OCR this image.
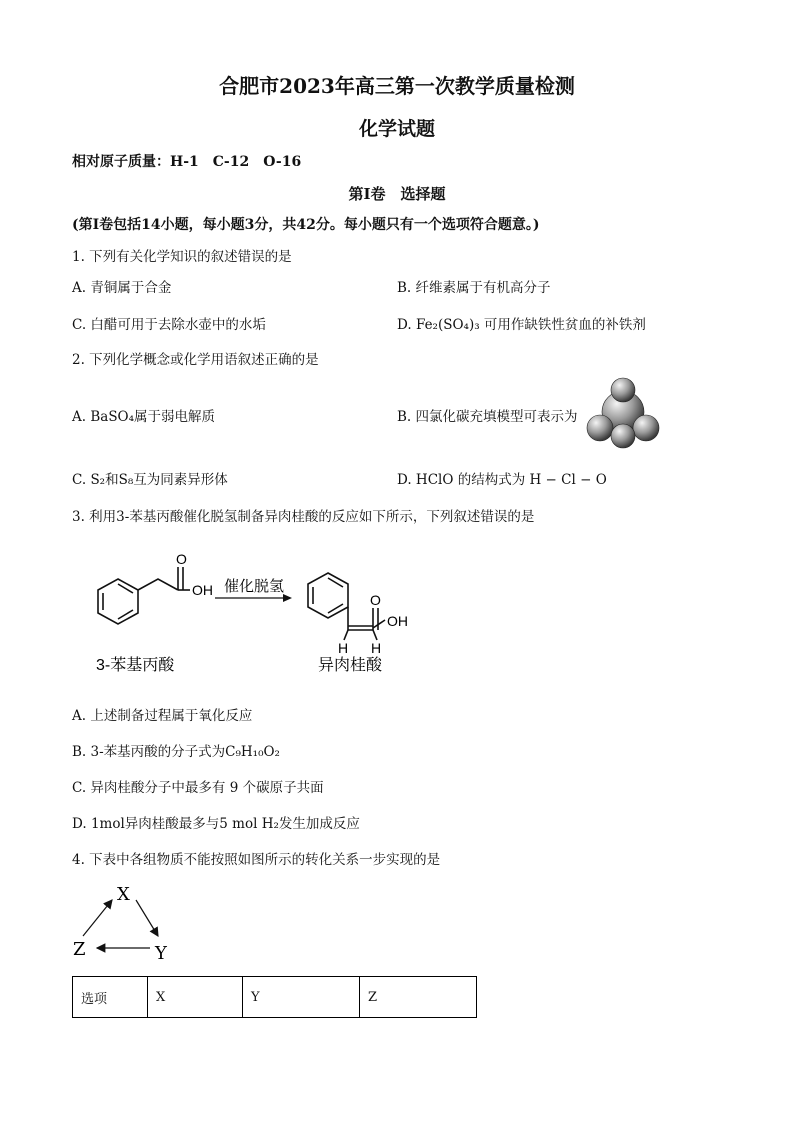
合肥市2023年高三第一次教学质量检测
化学试题
相对原子质量：H-1　C-12　O-16
第Ⅰ卷　选择题
(第Ⅰ卷包括14小题，每小题3分，共42分。每小题只有一个选项符合题意。)
1. 下列有关化学知识的叙述错误的是
A. 青铜属于合金	B. 纤维素属于有机高分子
C. 白醋可用于去除水壶中的水垢	D. Fe₂(SO₄)₃ 可用作缺铁性贫血的补铁剂
2. 下列化学概念或化学用语叙述正确的是
A. BaSO₄属于弱电解质	B. 四氯化碳充填模型可表示为
C. S₂和S₈互为同素异形体	D. HClO 的结构式为 H − Cl − O
3. 利用3-苯基丙酸催化脱氢制备异肉桂酸的反应如下所示，下列叙述错误的是
O
OH
3-苯基丙酸
催化脱氢
O
OH
H H
异肉桂酸
A. 上述制备过程属于氧化反应
B. 3-苯基丙酸的分子式为C₉H₁₀O₂
C. 异肉桂酸分子中最多有 9 个碳原子共面
D. 1mol异肉桂酸最多与5 mol H₂发生加成反应
4. 下表中各组物质不能按照如图所示的转化关系一步实现的是
X
Y
Z
选项	X	Y	Z
